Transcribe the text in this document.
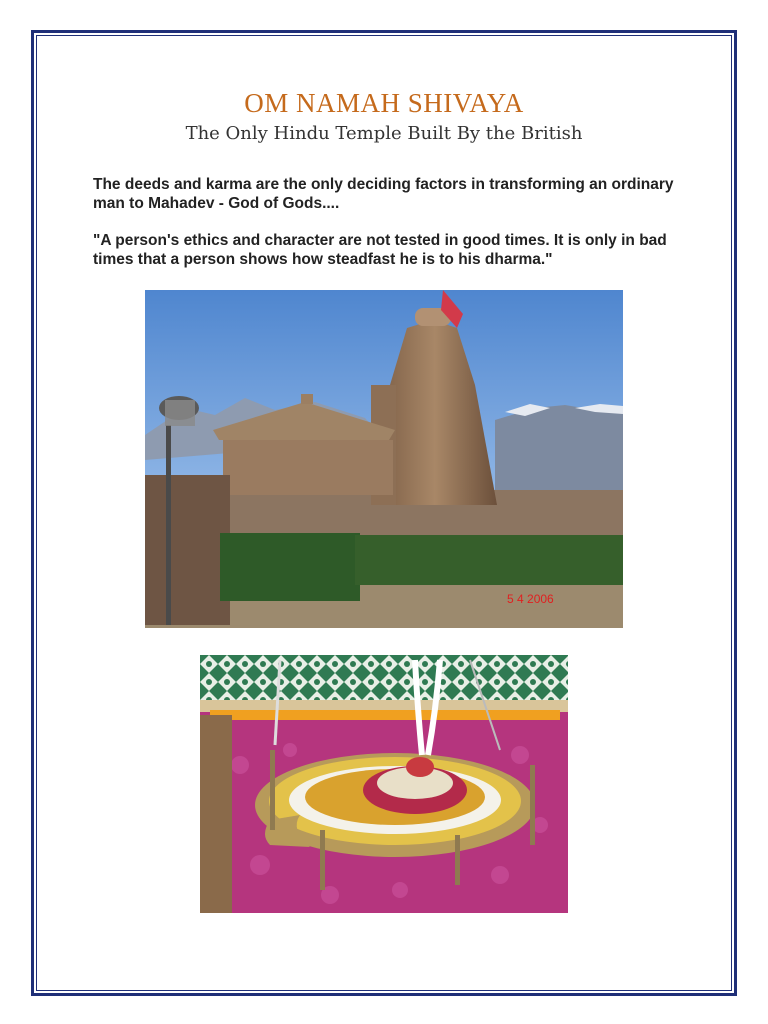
OM NAMAH SHIVAYA
The Only Hindu Temple Built By the British
The deeds and karma are the only deciding factors in transforming an ordinary man to Mahadev - God of Gods....
"A person's ethics and character are not tested in good times. It is only in bad times that a person shows how steadfast he is to his dharma."
5 4 2006
